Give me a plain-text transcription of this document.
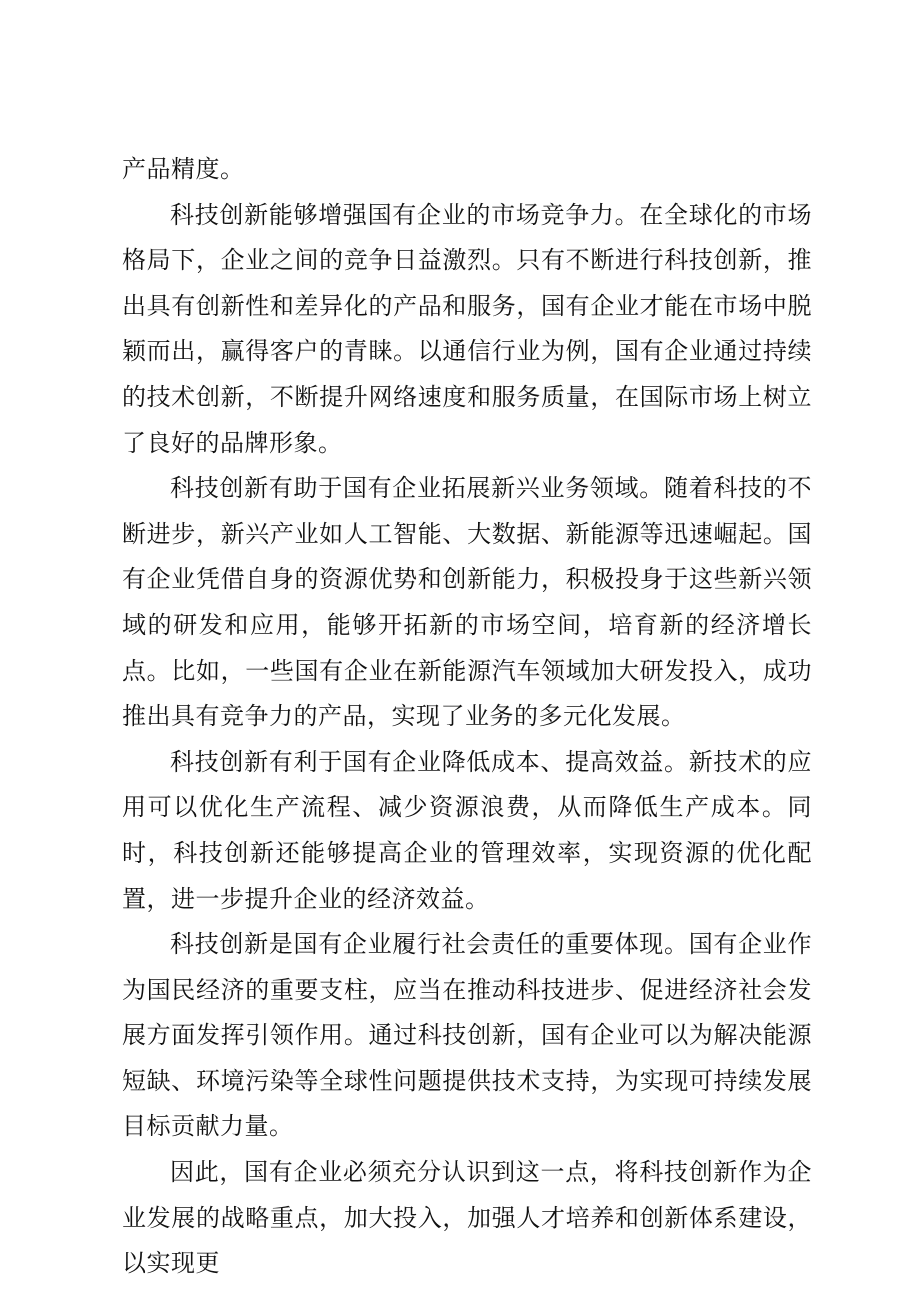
产品精度。

科技创新能够增强国有企业的市场竞争力。在全球化的市场格局下，企业之间的竞争日益激烈。只有不断进行科技创新，推出具有创新性和差异化的产品和服务，国有企业才能在市场中脱颖而出，赢得客户的青睐。以通信行业为例，国有企业通过持续的技术创新，不断提升网络速度和服务质量，在国际市场上树立了良好的品牌形象。

科技创新有助于国有企业拓展新兴业务领域。随着科技的不断进步，新兴产业如人工智能、大数据、新能源等迅速崛起。国有企业凭借自身的资源优势和创新能力，积极投身于这些新兴领域的研发和应用，能够开拓新的市场空间，培育新的经济增长点。比如，一些国有企业在新能源汽车领域加大研发投入，成功推出具有竞争力的产品，实现了业务的多元化发展。

科技创新有利于国有企业降低成本、提高效益。新技术的应用可以优化生产流程、减少资源浪费，从而降低生产成本。同时，科技创新还能够提高企业的管理效率，实现资源的优化配置，进一步提升企业的经济效益。

科技创新是国有企业履行社会责任的重要体现。国有企业作为国民经济的重要支柱，应当在推动科技进步、促进经济社会发展方面发挥引领作用。通过科技创新，国有企业可以为解决能源短缺、环境污染等全球性问题提供技术支持，为实现可持续发展目标贡献力量。

因此，国有企业必须充分认识到这一点，将科技创新作为企业发展的战略重点，加大投入，加强人才培养和创新体系建设，以实现更
